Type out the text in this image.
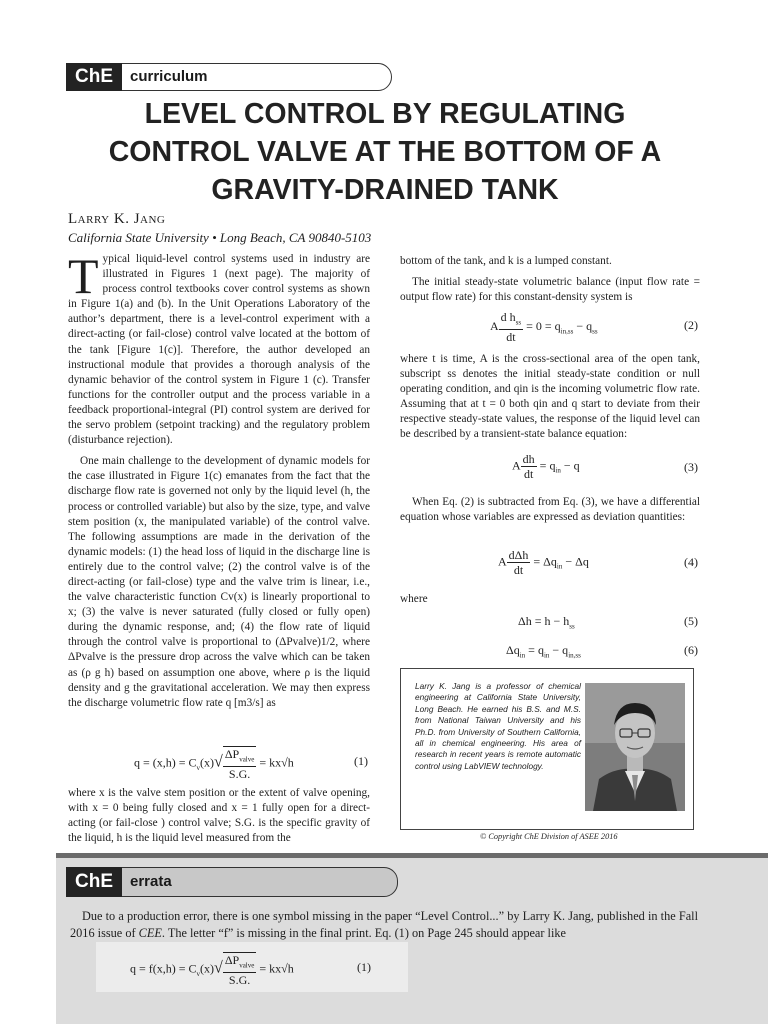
ChE	curriculum
LEVEL CONTROL BY REGULATING CONTROL VALVE AT THE BOTTOM OF A GRAVITY-DRAINED TANK
Larry K. Jang
California State University • Long Beach, CA 90840-5103

Typical liquid-level control systems used in industry are illustrated in Figures 1 (next page). The majority of process control textbooks cover control systems as shown in Figure 1(a) and (b). In the Unit Operations Laboratory of the author’s department, there is a level-control experiment with a direct-acting (or fail-close) control valve located at the bottom of the tank [Figure 1(c)]. Therefore, the author developed an instructional module that provides a thorough analysis of the dynamic behavior of the control system in Figure 1 (c). Transfer functions for the controller output and the process variable in a feedback proportional-integral (PI) control system are derived for the servo problem (setpoint tracking) and the regulatory problem (disturbance rejection).

One main challenge to the development of dynamic models for the case illustrated in Figure 1(c) emanates from the fact that the discharge flow rate is governed not only by the liquid level (h, the process or controlled variable) but also by the size, type, and valve stem position (x, the manipulated variable) of the control valve. The following assumptions are made in the derivation of the dynamic models: (1) the head loss of liquid in the discharge line is entirely due to the control valve; (2) the control valve is of the direct-acting (or fail-close) type and the valve trim is linear, i.e., the valve characteristic function Cv(x) is linearly proportional to x; (3) the valve is never saturated (fully closed or fully open) during the dynamic response, and; (4) the flow rate of liquid through the control valve is proportional to (ΔPvalve)1/2, where ΔPvalve is the pressure drop across the valve which can be taken as (ρ g h) based on assumption one above, where ρ is the liquid density and g the gravitational acceleration. We may then express the discharge volumetric flow rate q [m3/s] as

$q = (x,h) = C_v(x)√ \frac{\Delta P_{valve}}{S.G.} = kx√h$	(1)

where x is the valve stem position or the extent of valve opening, with x = 0 being fully closed and x = 1 fully open for a direct-acting (or fail-close ) control valve; S.G. is the specific gravity of the liquid, h is the liquid level measured from the

bottom of the tank, and k is a lumped constant.

The initial steady-state volumetric balance (input flow rate = output flow rate) for this constant-density system is

A $\frac{d h_{ss}}{dt} = 0 = q_{in,ss} - q_{ss}$	(2)

where t is time, A is the cross-sectional area of the open tank, subscript ss denotes the initial steady-state condition or null operating condition, and qin is the incoming volumetric flow rate. Assuming that at t = 0 both qin and q start to deviate from their respective steady-state values, the response of the liquid level can be described by a transient-state balance equation:

A $\frac{dh}{dt} = q_{in} - q$	(3)

When Eq. (2) is subtracted from Eq. (3), we have a differential equation whose variables are expressed as deviation quantities:

A $\frac{\text{dΔh}}{dt} = \Delta q_{in} - \Delta q$	(4)

where

$\Delta h = h - h_{ss}$	(5)
$\Delta q_{in} = q_{in} - q_{in,ss}$	(6)
Larry K. Jang is a professor of chemical engineering at California State University, Long Beach. He earned his B.S. and M.S. from National Taiwan University and his Ph.D. from University of Southern California, all in chemical engineering. His area of research in recent years is remote automatic control using LabVIEW technology.
© Copyright ChE Division of ASEE 2016
ChE	errata
Due to a production error, there is one symbol missing in the paper “Level Control...” by Larry K. Jang, published in the Fall 2016 issue of CEE. The letter “f” is missing in the final print. Eq. (1) on Page 245 should appear like
$q = f(x,h) = C_v(x)√ \frac{\Delta P_{valve}}{S.G.} = kx√h$	(1)
